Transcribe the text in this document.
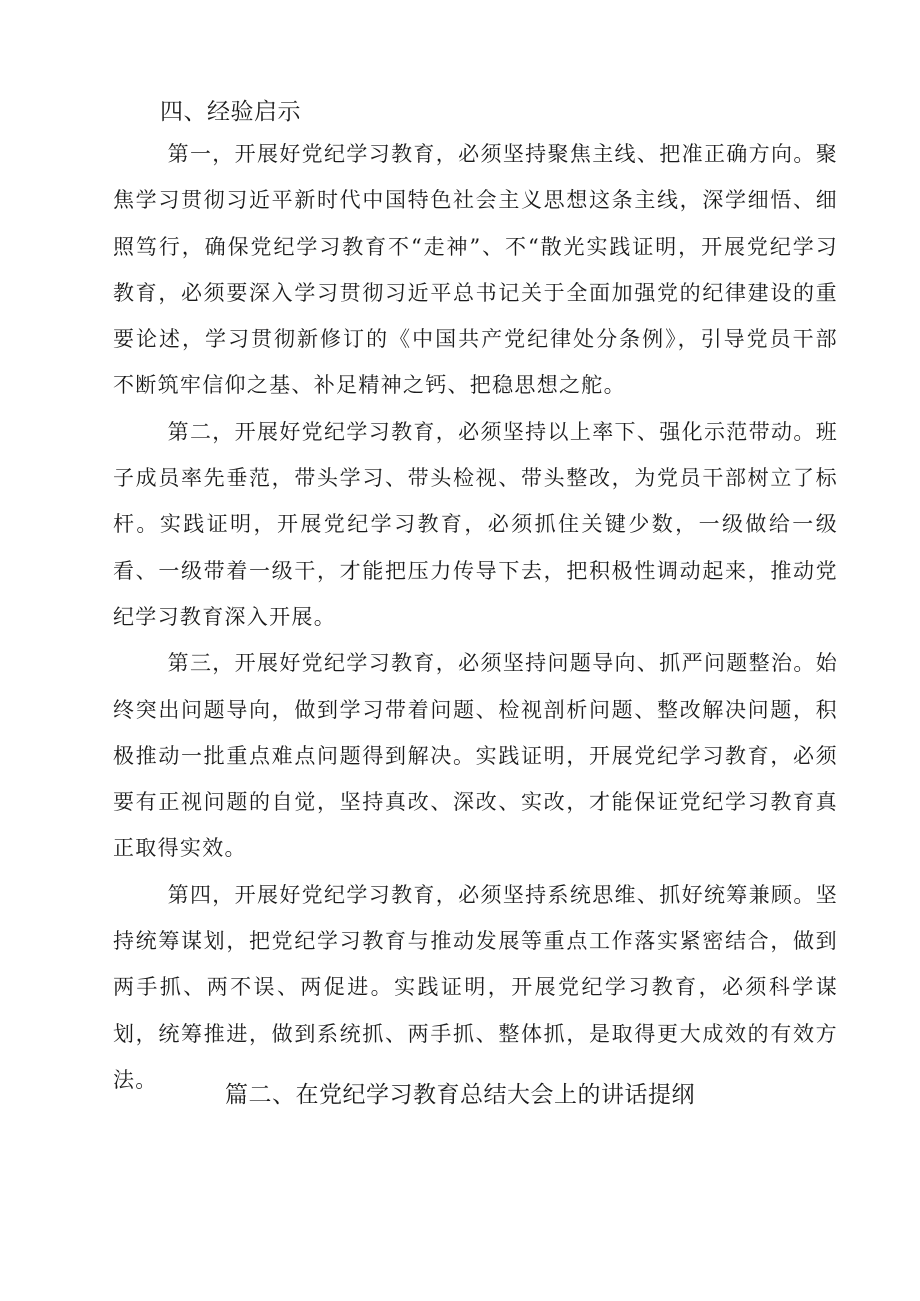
四、经验启示

第一，开展好党纪学习教育，必须坚持聚焦主线、把准正确方向。聚焦学习贯彻习近平新时代中国特色社会主义思想这条主线，深学细悟、细照笃行，确保党纪学习教育不“走神”、不“散光实践证明，开展党纪学习教育，必须要深入学习贯彻习近平总书记关于全面加强党的纪律建设的重要论述，学习贯彻新修订的《中国共产党纪律处分条例》，引导党员干部不断筑牢信仰之基、补足精神之钙、把稳思想之舵。

第二，开展好党纪学习教育，必须坚持以上率下、强化示范带动。班子成员率先垂范，带头学习、带头检视、带头整改，为党员干部树立了标杆。实践证明，开展党纪学习教育，必须抓住关键少数，一级做给一级看、一级带着一级干，才能把压力传导下去，把积极性调动起来，推动党纪学习教育深入开展。

第三，开展好党纪学习教育，必须坚持问题导向、抓严问题整治。始终突出问题导向，做到学习带着问题、检视剖析问题、整改解决问题，积极推动一批重点难点问题得到解决。实践证明，开展党纪学习教育，必须要有正视问题的自觉，坚持真改、深改、实改，才能保证党纪学习教育真正取得实效。

第四，开展好党纪学习教育，必须坚持系统思维、抓好统筹兼顾。坚持统筹谋划，把党纪学习教育与推动发展等重点工作落实紧密结合，做到两手抓、两不误、两促进。实践证明，开展党纪学习教育，必须科学谋划，统筹推进，做到系统抓、两手抓、整体抓，是取得更大成效的有效方法。

篇二、在党纪学习教育总结大会上的讲话提纲
